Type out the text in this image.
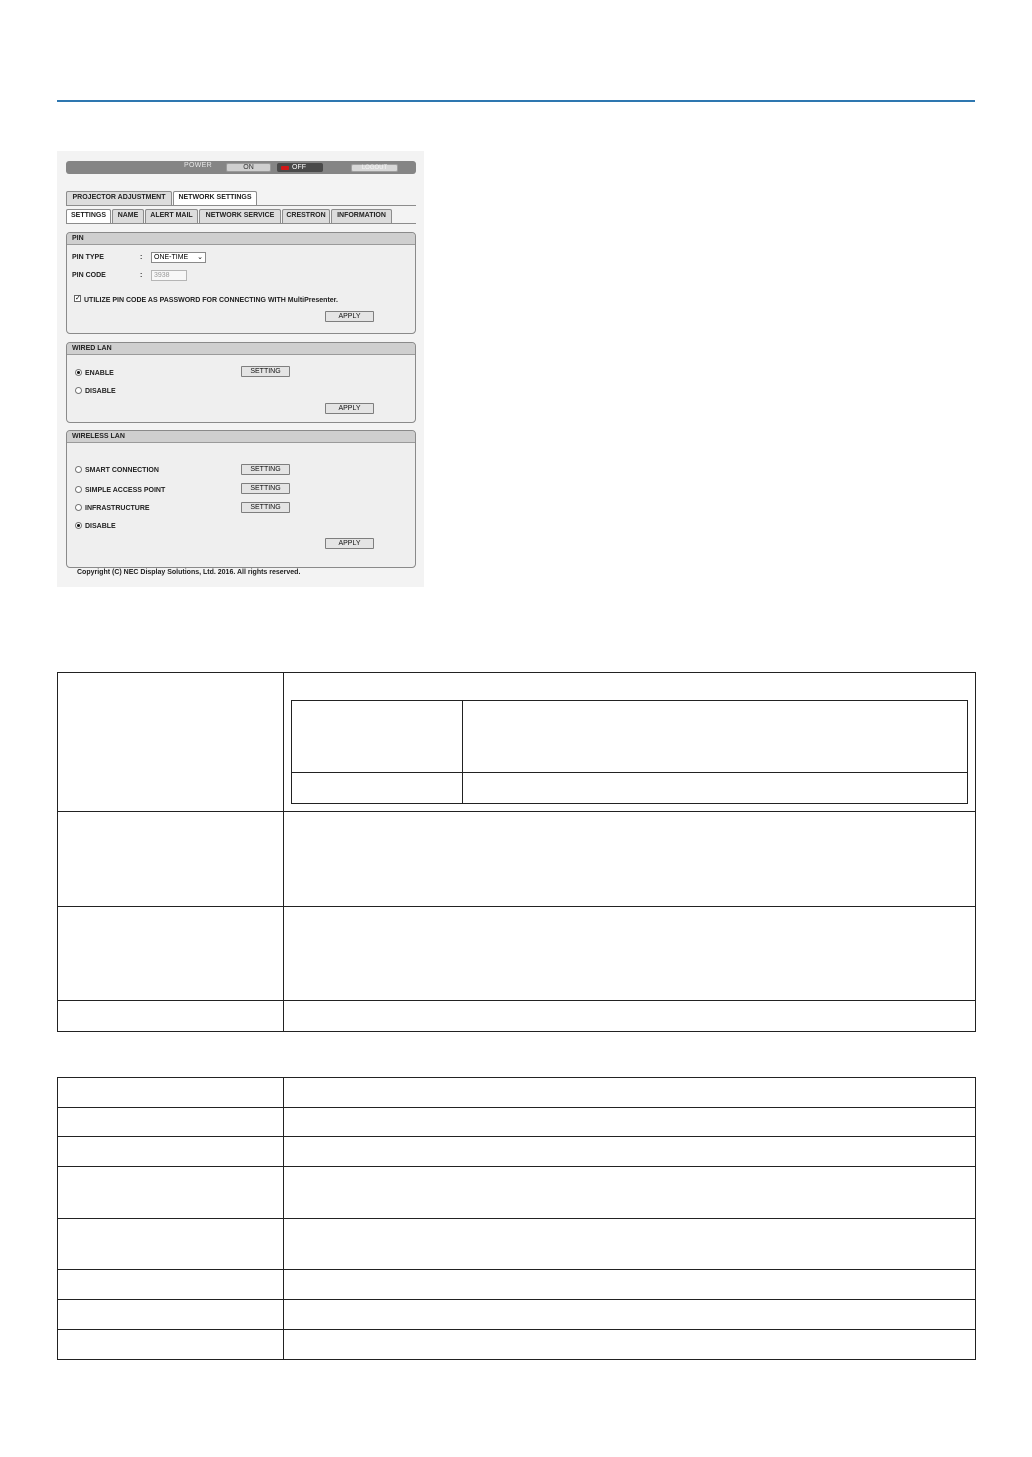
POWER	ON	OFF	LOGOUT
PROJECTOR ADJUSTMENT	NETWORK SETTINGS
SETTINGS	NAME	ALERT MAIL	NETWORK SERVICE	CRESTRON	INFORMATION
PIN
PIN TYPE	:	ONE-TIME ⌄
PIN CODE	:	3938
✓ UTILIZE PIN CODE AS PASSWORD FOR CONNECTING WITH MultiPresenter.
APPLY
WIRED LAN
ENABLE	SETTING
DISABLE
APPLY
WIRELESS LAN
SMART CONNECTION	SETTING
SIMPLE ACCESS POINT	SETTING
INFRASTRUCTURE	SETTING
DISABLE
APPLY
Copyright (C) NEC Display Solutions, Ltd. 2016. All rights reserved.
